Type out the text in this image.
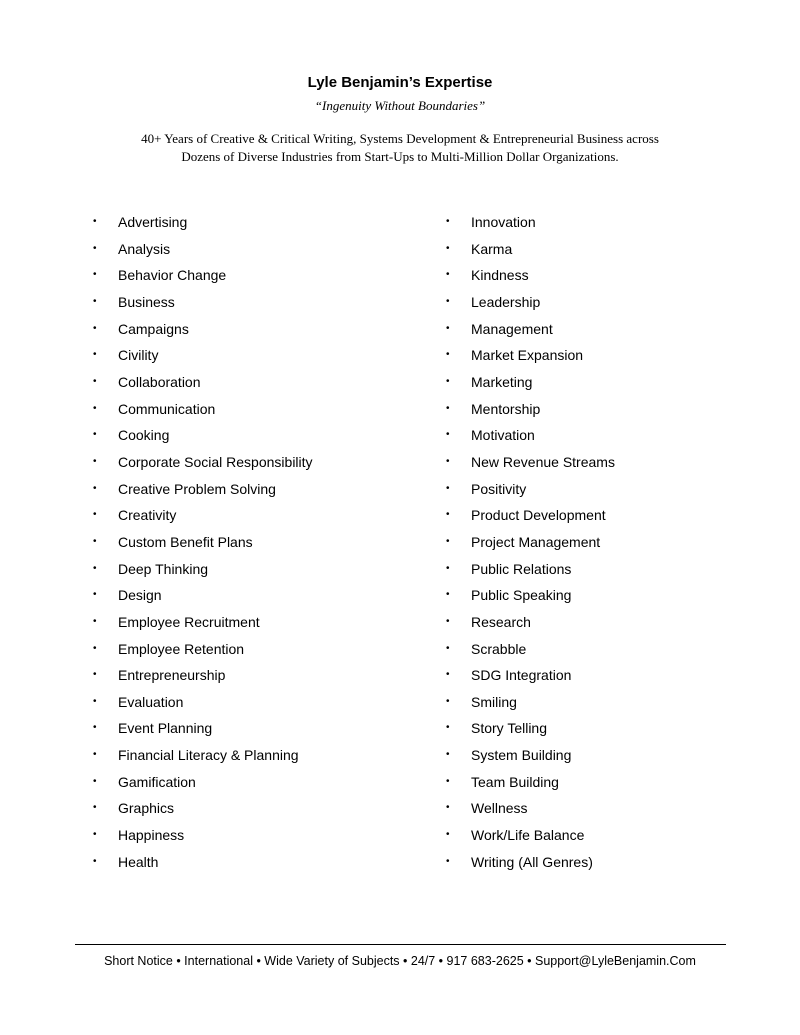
Lyle Benjamin’s Expertise
“Ingenuity Without Boundaries”
40+ Years of Creative & Critical Writing, Systems Development & Entrepreneurial Business across
Dozens of Diverse Industries from Start-Ups to Multi-Million Dollar Organizations.
• Advertising
• Analysis
• Behavior Change
• Business
• Campaigns
• Civility
• Collaboration
• Communication
• Cooking
• Corporate Social Responsibility
• Creative Problem Solving
• Creativity
• Custom Benefit Plans
• Deep Thinking
• Design
• Employee Recruitment
• Employee Retention
• Entrepreneurship
• Evaluation
• Event Planning
• Financial Literacy & Planning
• Gamification
• Graphics
• Happiness
• Health
• Innovation
• Karma
• Kindness
• Leadership
• Management
• Market Expansion
• Marketing
• Mentorship
• Motivation
• New Revenue Streams
• Positivity
• Product Development
• Project Management
• Public Relations
• Public Speaking
• Research
• Scrabble
• SDG Integration
• Smiling
• Story Telling
• System Building
• Team Building
• Wellness
• Work/Life Balance
• Writing (All Genres)
Short Notice • International • Wide Variety of Subjects • 24/7 • 917 683-2625 • Support@LyleBenjamin.Com
